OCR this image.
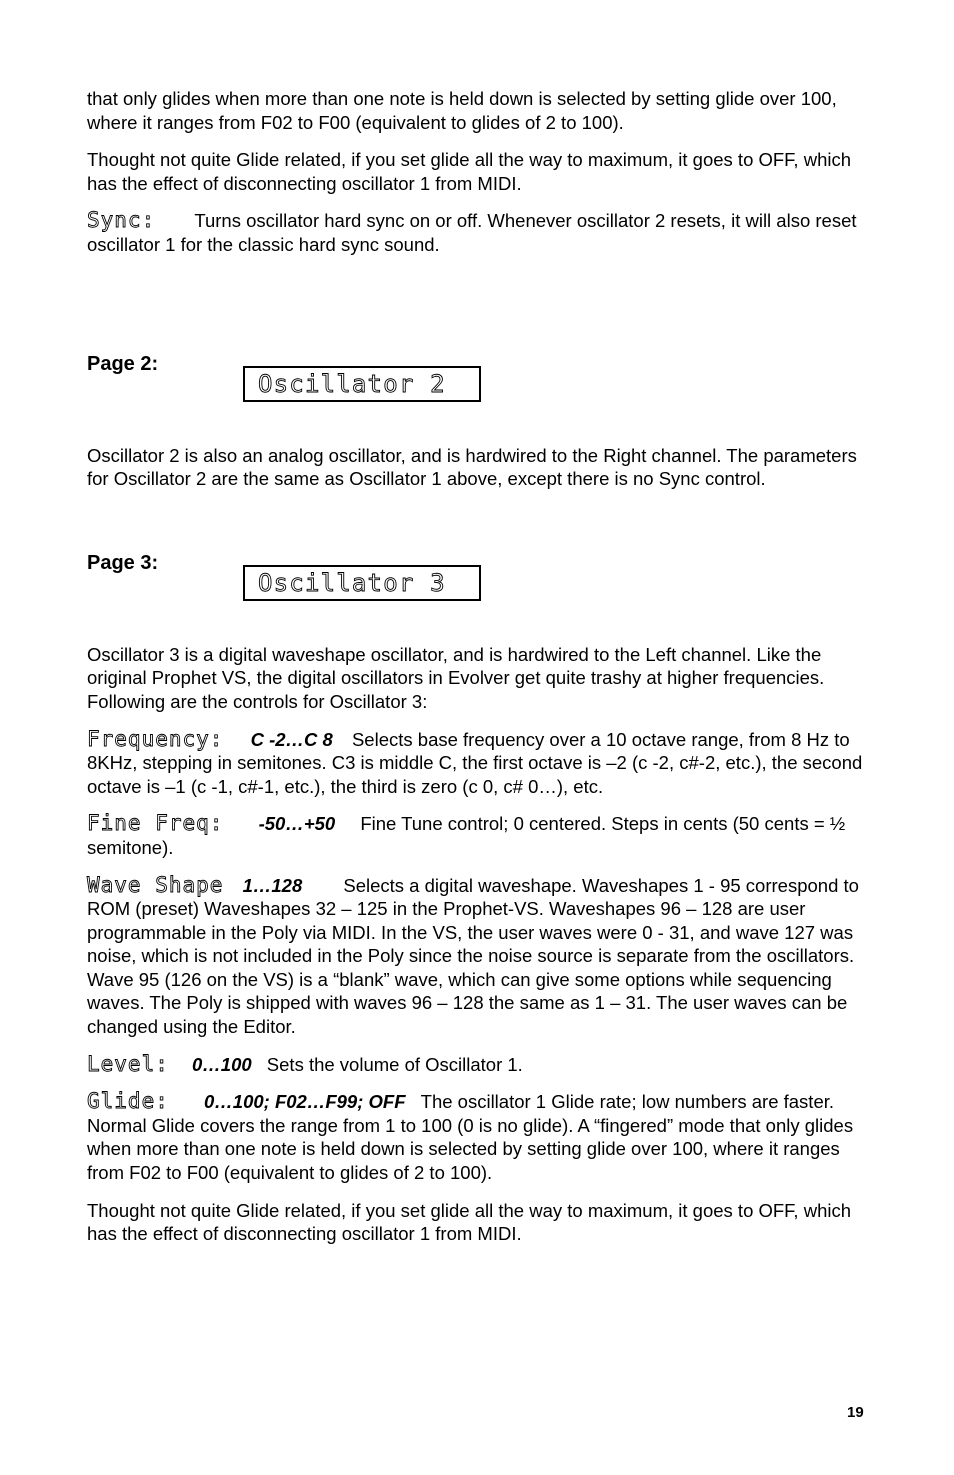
that only glides when more than one note is held down is selected by setting glide over 100, where it ranges from F02 to F00 (equivalent to glides of 2 to 100).

Thought not quite Glide related, if you set glide all the way to maximum, it goes to OFF, which has the effect of disconnecting oscillator 1 from MIDI.

Sync: Turns oscillator hard sync on or off. Whenever oscillator 2 resets, it will also reset oscillator 1 for the classic hard sync sound.

Page 2:
Oscillator 2

Oscillator 2 is also an analog oscillator, and is hardwired to the Right channel. The parameters for Oscillator 2 are the same as Oscillator 1 above, except there is no Sync control.

Page 3:
Oscillator 3

Oscillator 3 is a digital waveshape oscillator, and is hardwired to the Left channel. Like the original Prophet VS, the digital oscillators in Evolver get quite trashy at higher frequencies. Following are the controls for Oscillator 3:

Frequency: C -2…C 8 Selects base frequency over a 10 octave range, from 8 Hz to 8KHz, stepping in semitones. C3 is middle C, the first octave is –2 (c -2, c#-2, etc.), the second octave is –1 (c -1, c#-1, etc.), the third is zero (c 0, c# 0…), etc.

Fine Freq: -50…+50 Fine Tune control; 0 centered. Steps in cents (50 cents = ½ semitone).

Wave Shape 1…128 Selects a digital waveshape. Waveshapes 1 - 95 correspond to ROM (preset) Waveshapes 32 – 125 in the Prophet-VS. Waveshapes 96 – 128 are user programmable in the Poly via MIDI. In the VS, the user waves were 0 - 31, and wave 127 was noise, which is not included in the Poly since the noise source is separate from the oscillators. Wave 95 (126 on the VS) is a “blank” wave, which can give some options while sequencing waves. The Poly is shipped with waves 96 – 128 the same as 1 – 31. The user waves can be changed using the Editor.

Level: 0…100 Sets the volume of Oscillator 1.

Glide: 0…100; F02…F99; OFF The oscillator 1 Glide rate; low numbers are faster. Normal Glide covers the range from 1 to 100 (0 is no glide). A “fingered” mode that only glides when more than one note is held down is selected by setting glide over 100, where it ranges from F02 to F00 (equivalent to glides of 2 to 100).

Thought not quite Glide related, if you set glide all the way to maximum, it goes to OFF, which has the effect of disconnecting oscillator 1 from MIDI.

19
